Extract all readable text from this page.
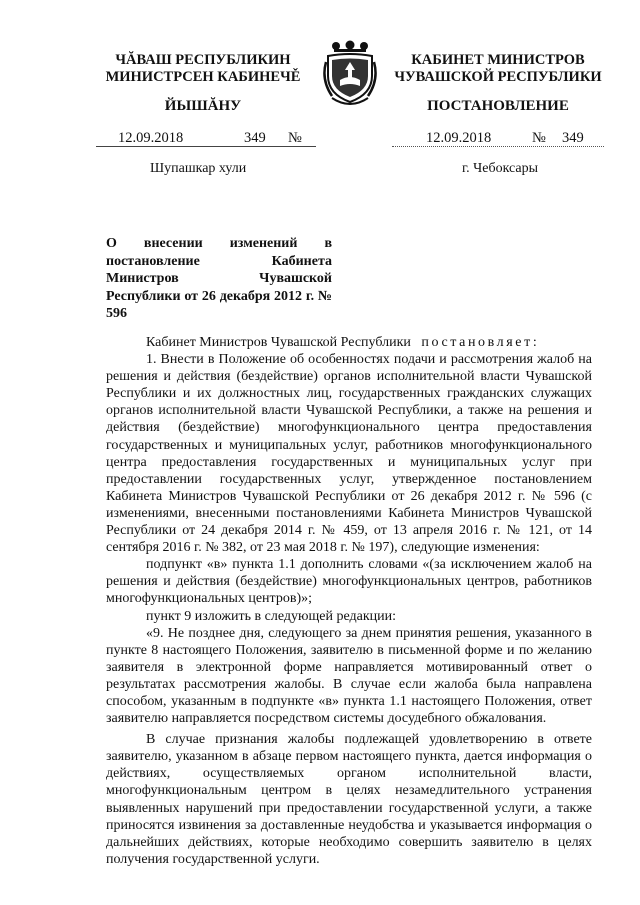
ЧĂВАШ РЕСПУБЛИКИН
МИНИСТРСЕН КАБИНЕЧĚ
КАБИНЕТ МИНИСТРОВ
ЧУВАШСКОЙ РЕСПУБЛИКИ
ЙЫШĂНУ	ПОСТАНОВЛЕНИЕ
12.09.2018	349 №	12.09.2018	№ 349
Шупашкар хули	г. Чебоксары
О внесении изменений в постановление Кабинета Министров Чувашской Республики от 26 декабря 2012 г. № 596

Кабинет Министров Чувашской Республики постановляет:

1. Внести в Положение об особенностях подачи и рассмотрения жалоб на решения и действия (бездействие) органов исполнительной власти Чувашской Республики и их должностных лиц, государственных гражданских служащих органов исполнительной власти Чувашской Республики, а также на решения и действия (бездействие) многофункционального центра предоставления государственных и муниципальных услуг, работников многофункционального центра предоставления государственных и муниципальных услуг при предоставлении государственных услуг, утвержденное постановлением Кабинета Министров Чувашской Республики от 26 декабря 2012 г. № 596 (с изменениями, внесенными постановлениями Кабинета Министров Чувашской Республики от 24 декабря 2014 г. № 459, от 13 апреля 2016 г. № 121, от 14 сентября 2016 г. № 382, от 23 мая 2018 г. № 197), следующие изменения:

подпункт «в» пункта 1.1 дополнить словами «(за исключением жалоб на решения и действия (бездействие) многофункциональных центров, работников многофункциональных центров)»;

пункт 9 изложить в следующей редакции:

«9. Не позднее дня, следующего за днем принятия решения, указанного в пункте 8 настоящего Положения, заявителю в письменной форме и по желанию заявителя в электронной форме направляется мотивированный ответ о результатах рассмотрения жалобы. В случае если жалоба была направлена способом, указанным в подпункте «в» пункта 1.1 настоящего Положения, ответ заявителю направляется посредством системы досудебного обжалования.

В случае признания жалобы подлежащей удовлетворению в ответе заявителю, указанном в абзаце первом настоящего пункта, дается информация о действиях, осуществляемых органом исполнительной власти, многофункциональным центром в целях незамедлительного устранения выявленных нарушений при предоставлении государственной услуги, а также приносятся извинения за доставленные неудобства и указывается информация о дальнейших действиях, которые необходимо совершить заявителю в целях получения государственной услуги.
